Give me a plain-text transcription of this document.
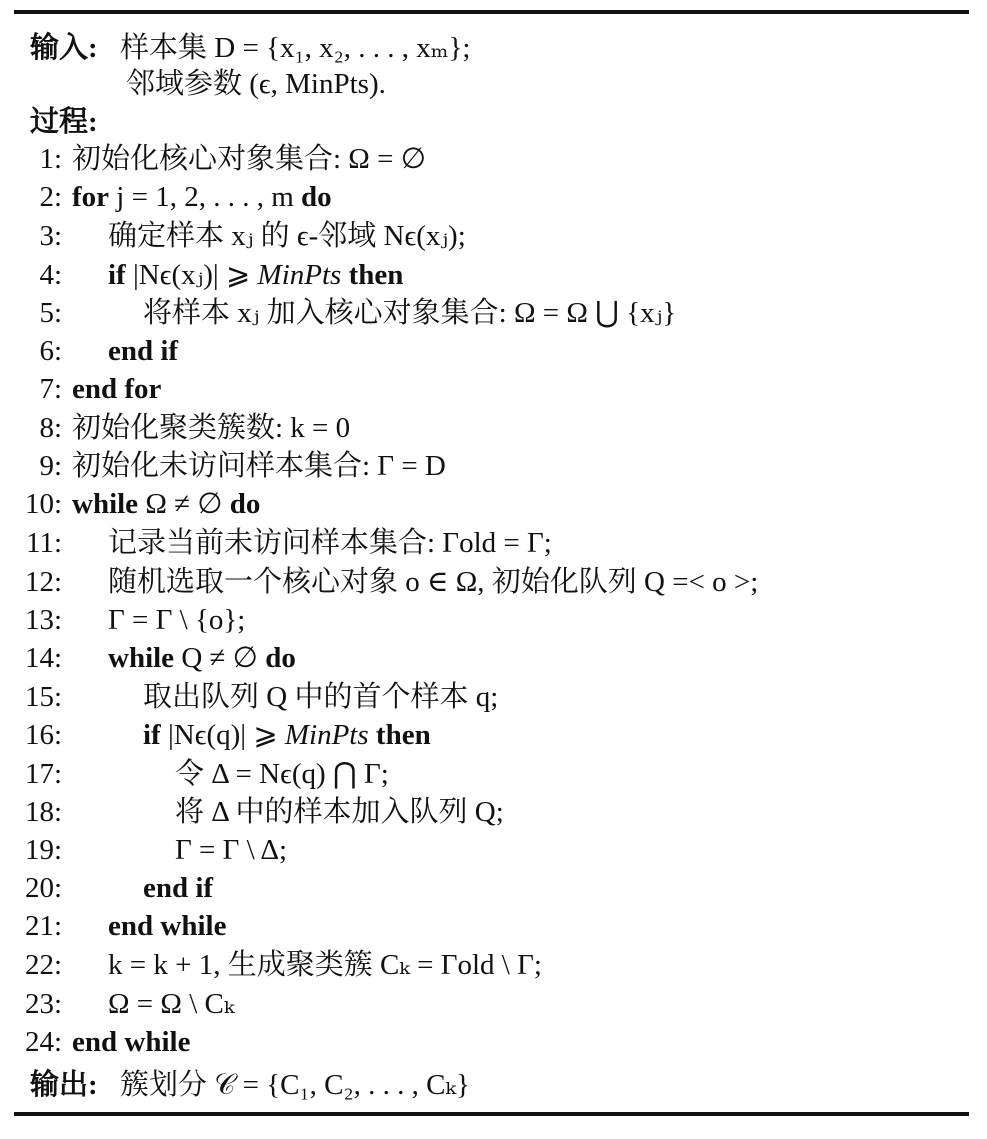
输入: 样本集 D = {x₁, x₂, . . . , xₘ};
邻域参数 (ϵ, MinPts).
过程:
1: 初始化核心对象集合: Ω = ∅
2: for j = 1, 2, . . . , m do
3: 确定样本 xⱼ 的 ϵ-邻域 Nϵ(xⱼ);
4: if |Nϵ(xⱼ)| ⩾ MinPts then
5:	将样本 xⱼ 加入核心对象集合: Ω = Ω ⋃ {xⱼ}
6: end if
7: end for
8: 初始化聚类簇数: k = 0
9: 初始化未访问样本集合: Γ = D
10: while Ω ≠ ∅ do
11: 记录当前未访问样本集合: Γold = Γ;
12: 随机选取一个核心对象 o ∈ Ω, 初始化队列 Q =< o >;
13: Γ = Γ \ {o};
14: while Q ≠ ∅ do
15:	取出队列 Q 中的首个样本 q;
16:	if |Nϵ(q)| ⩾ MinPts then
17:	令 Δ = Nϵ(q) ⋂ Γ;
18:	将 Δ 中的样本加入队列 Q;
19:	Γ = Γ \ Δ;
20:	end if
21: end while
22: k = k + 1, 生成聚类簇 Cₖ = Γold \ Γ;
23: Ω = Ω \ Cₖ
24: end while
输出: 簇划分 𝒞 = {C₁, C₂, . . . , Cₖ}
